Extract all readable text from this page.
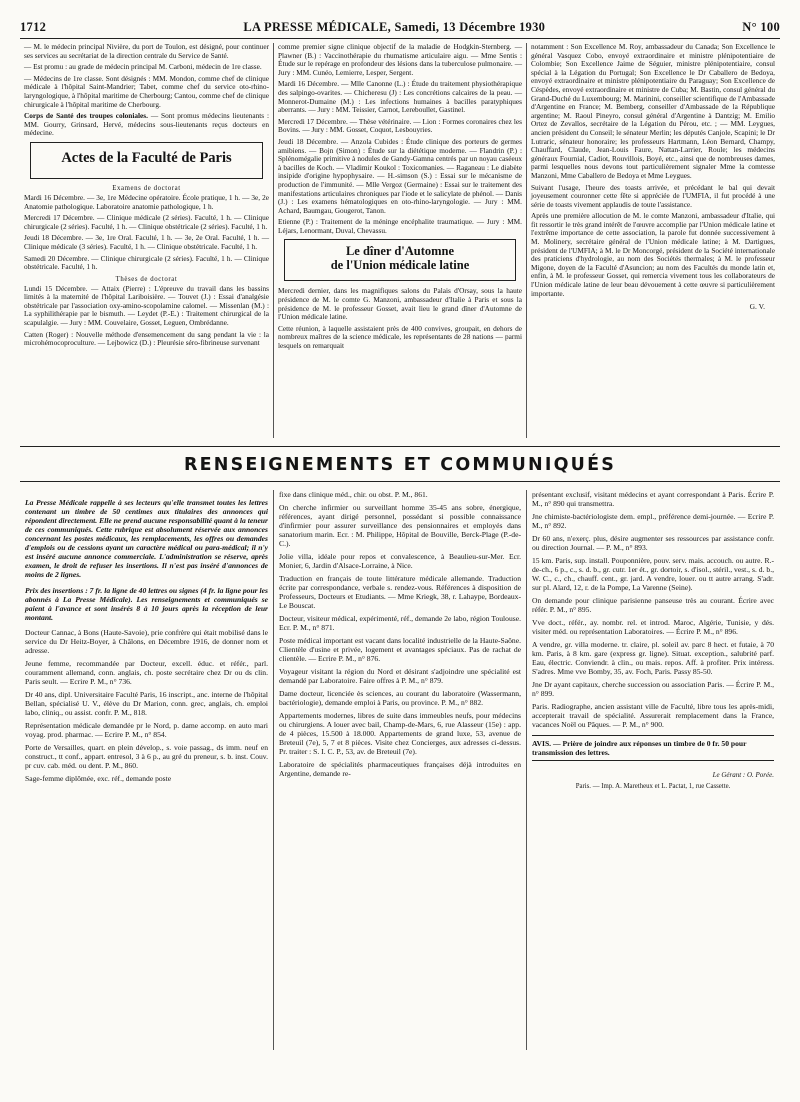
1712	LA PRESSE MÉDICALE, Samedi, 13 Décembre 1930	N° 100

— M. le médecin principal Nivière, du port de Toulon, est désigné, pour continuer ses services au secrétariat de la direction centrale du Service de Santé.

— Est promu : au grade de médecin principal M. Carboni, médecin de 1re classe.

— Médecins de 1re classe. Sont désignés : MM. Mondon, comme chef de clinique médicale à l'hôpital Saint-Mandrier; Tabet, comme chef du service oto-rhino-laryngologique, à l'hôpital maritime de Cherbourg; Cantou, comme chef de clinique chirurgicale à l'hôpital maritime de Cherbourg.

Corps de Santé des troupes coloniales. — Sont promus médecins lieutenants : MM. Gourry, Grinsard, Hervé, médecins sous-lieutenants reçus docteurs en médecine.

Actes de la Faculté de Paris

Examens de doctorat

Mardi 16 Décembre. — 3e, 1re Médecine opératoire. École pratique, 1 h. — 3e, 2e Anatomie pathologique. Laboratoire anatomie pathologique, 1 h.

Mercredi 17 Décembre. — Clinique médicale (2 séries). Faculté, 1 h. — Clinique chirurgicale (2 séries). Faculté, 1 h. — Clinique obstétricale (2 séries). Faculté, 1 h.

Jeudi 18 Décembre. — 3e, 1re Oral. Faculté, 1 h. — 3e, 2e Oral. Faculté, 1 h. — Clinique médicale (3 séries). Faculté, 1 h. — Clinique obstétricale. Faculté, 1 h.

Samedi 20 Décembre. — Clinique chirurgicale (2 séries). Faculté, 1 h. — Clinique obstétricale. Faculté, 1 h.

Thèses de doctorat

Lundi 15 Décembre. — Attaix (Pierre) : L'épreuve du travail dans les bassins limités à la maternité de l'hôpital Lariboisière. — Touvet (J.) : Essai d'analgésie obstétricale par l'association oxy-amino-scopolamine calomel. — Missenlan (M.) : La syphilithérapie par le bismuth. — Leydet (P.-E.) : Traitement chirurgical de la scapulalgie. — Jury : MM. Couvelaire, Gosset, Leguen, Ombrédanne.

Catten (Roger) : Nouvelle méthode d'ensemencement du sang pendant la vie : la microhémocoproculture. — Lejbowicz (D.) : Pleurésie séro-fibrineuse survenant

comme premier signe clinique objectif de la maladie de Hodgkin-Sternberg. — Plawner (B.) : Vaccinothérapie du rhumatisme articulaire aigu. — Mme Sentis : Étude sur le repérage en profondeur des lésions dans la tuberculose pulmonaire. — Jury : MM. Cunéo, Lemierre, Lesper, Sergent.

Mardi 16 Décembre. — Mlle Canonne (L.) : Étude du traitement physiothérapique des salpingo-ovarites. — Chicheresu (J) : Les concrétions calcaires de la peau. — Monnerot-Dumaine (M.) : Les infections humaines à bacilles paratyphiques aberrants. — Jury : MM. Teissier, Carnot, Lereboullet, Gastinel.

Mercredi 17 Décembre. — Thèse vétérinaire. — Lion : Formes coronaires chez les Bovins. — Jury : MM. Gosset, Coquot, Lesbouyries.

Jeudi 18 Décembre. — Anzola Cubides : Étude clinique des porteurs de germes amibiens. — Bojn (Simon) : Étude sur la diététique moderne. — Flandrin (P.) : Splénomégalie primitive à nodules de Gandy-Gamna centrés par un noyau caséeux à bacilles de Koch. — Vladimir Koukol : Toxicomanies. — Raganeau : Le diabète insipide d'origine hypophysaire. — H.-simson (S.) : Essai sur le mécanisme de production de l'immunité. — Mlle Vergoz (Germaine) : Essai sur le traitement des manifestations articulaires chroniques par l'iode et le salicylate de phénol. — Danis (J.) : Les examens hématologiques en oto-rhino-laryngologie. — Jury : MM. Achard, Baumgau, Gougerot, Tanon.

Etienne (P.) : Traitement de la méninge encéphalite traumatique. — Jury : MM. Léjars, Lenormant, Duval, Chevassu.

Le dîner d'Automne

de l'Union médicale latine

Mercredi dernier, dans les magnifiques salons du Palais d'Orsay, sous la haute présidence de M. le comte G. Manzoni, ambassadeur d'Italie à Paris et sous la présidence de M. le professeur Gosset, avait lieu le grand dîner d'Automne de l'Union médicale latine.

Cette réunion, à laquelle assistaient près de 400 convives, groupait, en dehors de nombreux maîtres de la science médicale, les représentants de 28 nations — parmi lesquels on remarquait

notamment : Son Excellence M. Roy, ambassadeur du Canada; Son Excellence le général Vasquez Cobo, envoyé extraordinaire et ministre plénipotentiaire de Colombie; Son Excellence Jaime de Séguier, ministre plénipotentiaire, consul spécial à la Légation du Portugal; Son Excellence le Dr Caballero de Bedoya, envoyé extraordinaire et ministre plénipotentiaire du Paraguay; Son Excellence de Céspèdes, envoyé extraordinaire et ministre de Cuba; M. Bastin, consul général du Grand-Duché du Luxembourg; M. Marinini, conseiller scientifique de l'Ambassade d'Argentine en France; M. Bemberg, conseiller d'Ambassade de la République argentine; M. Raoul Pineyro, consul général d'Argentine à Dantzig; M. Emilio Ortez de Zevallos, secrétaire de la Légation du Pérou, etc. ; — MM. Leygues, ancien président du Conseil; le sénateur Merlin; les députés Canjole, Scapini; le Dr Lutraric, sénateur honoraire; les professeurs Hartmann, Léon Bernard, Champy, Chauffard, Claude, Jean-Louis Faure, Nattan-Larrier, Roule; les médecins généraux Fournial, Cadiot, Rouvillois, Boyé, etc., ainsi que de nombreuses dames, parmi lesquelles nous devons tout particulièrement signaler Mme la comtesse Manzoni, Mme Caballero de Bedoya et Mme Leygues.

Suivant l'usage, l'heure des toasts arrivée, et précédant le bal qui devait joyeusement couronner cette fête si appréciée de l'UMFIA, il fut procédé à une série de toasts vivement applaudis de toute l'assistance.

Après une première allocution de M. le comte Manzoni, ambassadeur d'Italie, qui fit ressortir le très grand intérêt de l'œuvre accomplie par l'Union médicale latine et l'extrême importance de cette association, la parole fut donnée successivement à M. Molinery, secrétaire général de l'Union médicale latine; à M. Dartigues, président de l'UMFIA; à M. le Dr Moncorgé, président de la Société internationale des praticiens d'hydrologie, au nom des Sociétés thermales; à M. le professeur Migone, doyen de la Faculté d'Asuncion; au nom des Facultés du monde latin et, enfin, à M. le professeur Gosset, qui remercia vivement tous les collaborateurs de l'Union médicale latine de leur beau dévouement à cette œuvre si particulièrement importante.

G. V.

RENSEIGNEMENTS ET COMMUNIQUÉS

La Presse Médicale rappelle à ses lecteurs qu'elle transmet toutes les lettres contenant un timbre de 50 centimes aux titulaires des annonces qui répondent directement. Elle ne prend aucune responsabilité quant à la teneur de ces communiqués. Cette rubrique est absolument réservée aux annonces concernant les postes médicaux, les remplacements, les offres ou demandes d'emplois ou de cessions ayant un caractère médical ou para-médical; il n'y est inséré aucune annonce commerciale. L'administration se réserve, après examen, le droit de refuser les insertions. Il n'est pas inséré d'annonces de moins de 2 lignes.

Prix des insertions : 7 fr. la ligne de 40 lettres ou signes (4 fr. la ligne pour les abonnés à La Presse Médicale). Les renseignements et communiqués se paient à l'avance et sont insérés 8 à 10 jours après la réception de leur montant.

Docteur Cannac, à Bons (Haute-Savoie), prie confrère qui était mobilisé dans le service du Dr Heitz-Boyer, à Châlons, en Décembre 1916, de donner nom et adresse.

Jeune femme, recommandée par Docteur, excell. éduc. et référ., parl. couramment allemand, conn. anglais, ch. poste secrétaire chez Dr ou ds clin. Paris seult. — Ecrire P. M., n° 736.

Dr 40 ans, dipl. Universitaire Faculté Paris, 16 inscript., anc. interne de l'hôpital Bellan, spécialisé U. V., élève du Dr Marion, conn. grec, anglais, ch. emploi labo, cliniq., ou assist. confr. P. M., 818.

Représentation médicale demandée pr le Nord, p. dame accomp. en auto mari voyag. prod. pharmac. — Ecrire P. M., n° 854.

Porte de Versailles, quart. en plein dévelop., s. voie passag., ds imm. neuf en construct., tt conf., appart. entresol, 3 à 6 p., au gré du preneur, s. b. inst. Couv. pr cuv. cab. méd. ou dent. P. M., 860.

Sage-femme diplômée, exc. réf., demande poste

fixe dans clinique méd., chir. ou obst. P. M., 861.

On cherche infirmier ou surveillant homme 35-45 ans sobre, énergique, références, ayant dirigé personnel, possédant si possible connaissance d'infirmier pour assurer surveillance des pensionnaires et employés dans sanatorium marin. Ecr. : M. Philippe, Hôpital de Bouville, Berck-Plage (P.-de-C.).

Jolie villa, idéale pour repos et convalescence, à Beaulieu-sur-Mer. Ecr. Monier, 6, Jardin d'Alsace-Lorraine, à Nice.

Traduction en français de toute littérature médicale allemande. Traduction écrite par correspondance, verbale s. rendez-vous. Références à disposition de Professeurs, Docteurs et Etudiants. — Mme Kriegk, 38, r. Lahaype, Bordeaux-Le Bouscat.

Docteur, visiteur médical, expérimenté, réf., demande 2e labo, région Toulouse. Ecr. P. M., n° 871.

Poste médical important est vacant dans localité industrielle de la Haute-Saône. Clientèle d'usine et privée, logement et avantages spéciaux. Pas de rachat de clientèle. — Ecrire P. M., n° 876.

Voyageur visitant la région du Nord et désirant s'adjoindre une spécialité est demandé par Laboratoire. Faire offres à P. M., n° 879.

Dame docteur, licenciée ès sciences, au courant du laboratoire (Wassermann, bactériologie), demande emploi à Paris, ou province. P. M., n° 882.

Appartements modernes, libres de suite dans immeubles neufs, pour médecins ou chirurgiens. A louer avec bail, Champ-de-Mars, 6, rue Alasseur (15e) : app. de 4 pièces, 15.500 à 18.000. Appartements de grand luxe, 53, avenue de Breteuil (7e), 5, 7 et 8 pièces. Visite chez Concierges, aux adresses ci-dessus. Pr. traiter : S. I. C. P., 53, av. de Breteuil (7e).

Laboratoire de spécialités pharmaceutiques françaises déjà introduites en Argentine, demande re-

présentant exclusif, visitant médecins et ayant correspondant à Paris. Écrire P. M., n° 890 qui transmettra.

Jne chimiste-bactériologiste dem. empl., préférence demi-journée. — Ecrire P. M., n° 892.

Dr 60 ans, n'exerç. plus, désire augmenter ses ressources par assistance confr. ou direction Journal. — P. M., n° 893.

15 km. Paris, sup. install. Pouponnière, pouv. serv. mais. accouch. ou autre. R.-de-ch., 6 p., c., s. d. b., gr. cutr. 1er ét., gr. dortoir, s. d'isol., stéril., vest., s. d. b., W. C., c., ch., chauff. cent., gr. jard. A vendre, louer. ou tt autre arrang. S'adr. sur pl. Alard, 12, r. de la Pompe, La Varenne (Seine).

On demande pour clinique parisienne panseuse très au courant. Écrire avec référ. P. M., n° 895.

Vve doct., référ., ay. nombr. rel. et introd. Maroc, Algérie, Tunisie, y dés. visiter méd. ou représentation Laboratoires. — Écrire P. M., n° 896.

A vendre, gr. villa moderne. tr. claire, pl. soleil av. parc 8 hect. et futaie, à 70 km. Paris, à 8 km. gare (express gr. ligne). Situat. exception., salubrité parf. Eau, électric. Conviendr. à clin., ou mais. repos. Aff. à profiter. Prix intéress. S'adres. Mme vve Bomby, 35, av. Foch, Paris. Passy 85-50.

Jne Dr ayant capitaux, cherche succession ou association Paris. — Écrire P. M., n° 899.

Paris. Radiographe, ancien assistant ville de Faculté, libre tous les après-midi, accepterait travail de spécialité. Assurerait remplacement dans la France, vacances Noël ou Pâques. — P. M., n° 900.

AVIS. — Prière de joindre aux réponses un timbre de 0 fr. 50 pour transmission des lettres.
Le Gérant : O. Porée.
Paris. — Imp. A. Maretheux et L. Pactat, 1, rue Cassette.
